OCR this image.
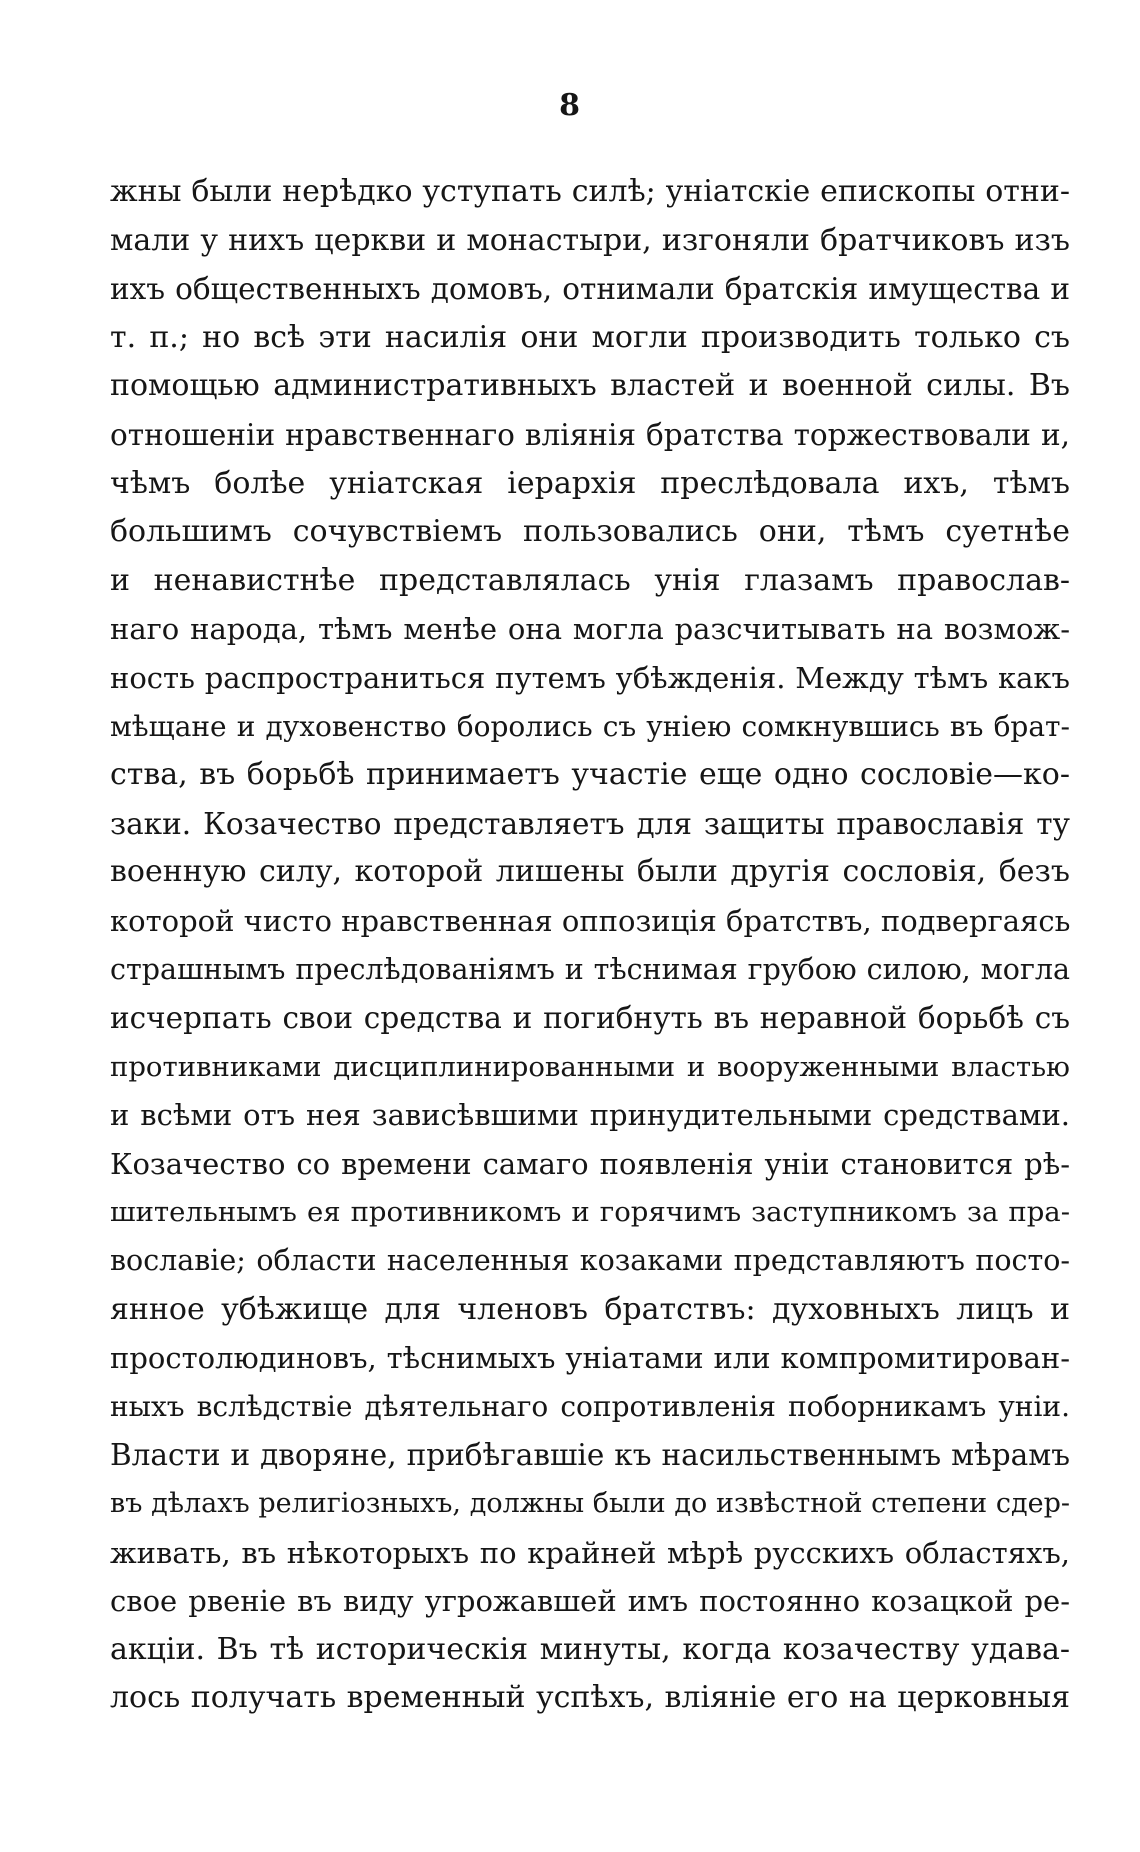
8
жны были нерѣдко уступать силѣ; уніатскіе епископы отни-
мали у нихъ церкви и монастыри, изгоняли братчиковъ изъ
ихъ общественныхъ домовъ, отнимали братскія имущества и
т. п.; но всѣ эти насилія они могли производить только съ
помощью административныхъ властей и военной силы. Въ
отношеніи нравственнаго вліянія братства торжествовали и,
чѣмъ болѣе уніатская іерархія преслѣдовала ихъ, тѣмъ
большимъ сочувствіемъ пользовались они, тѣмъ суетнѣе
и ненавистнѣе представлялась унія глазамъ православ-
наго народа, тѣмъ менѣе она могла разсчитывать на возмож-
ность распространиться путемъ убѣжденія. Между тѣмъ какъ
мѣщане и духовенство боролись съ уніею сомкнувшись въ брат-
ства, въ борьбѣ принимаетъ участіе еще одно сословіе—ко-
заки. Козачество представляетъ для защиты православія ту
военную силу, которой лишены были другія сословія, безъ
которой чисто нравственная оппозиція братствъ, подвергаясь
страшнымъ преслѣдованіямъ и тѣснимая грубою силою, могла
исчерпать свои средства и погибнуть въ неравной борьбѣ съ
противниками дисциплинированными и вооруженными властью
и всѣми отъ нея зависѣвшими принудительными средствами.
Козачество со времени самаго появленія уніи становится рѣ-
шительнымъ ея противникомъ и горячимъ заступникомъ за пра-
вославіе; области населенныя козаками представляютъ посто-
янное убѣжище для членовъ братствъ: духовныхъ лицъ и
простолюдиновъ, тѣснимыхъ уніатами или компромитирован-
ныхъ вслѣдствіе дѣятельнаго сопротивленія поборникамъ уніи.
Власти и дворяне, прибѣгавшіе къ насильственнымъ мѣрамъ
въ дѣлахъ религіозныхъ, должны были до извѣстной степени сдер-
живать, въ нѣкоторыхъ по крайней мѣрѣ русскихъ областяхъ,
свое рвеніе въ виду угрожавшей имъ постоянно козацкой ре-
акціи. Въ тѣ историческія минуты, когда козачеству удава-
лось получать временный успѣхъ, вліяніе его на церковныя
